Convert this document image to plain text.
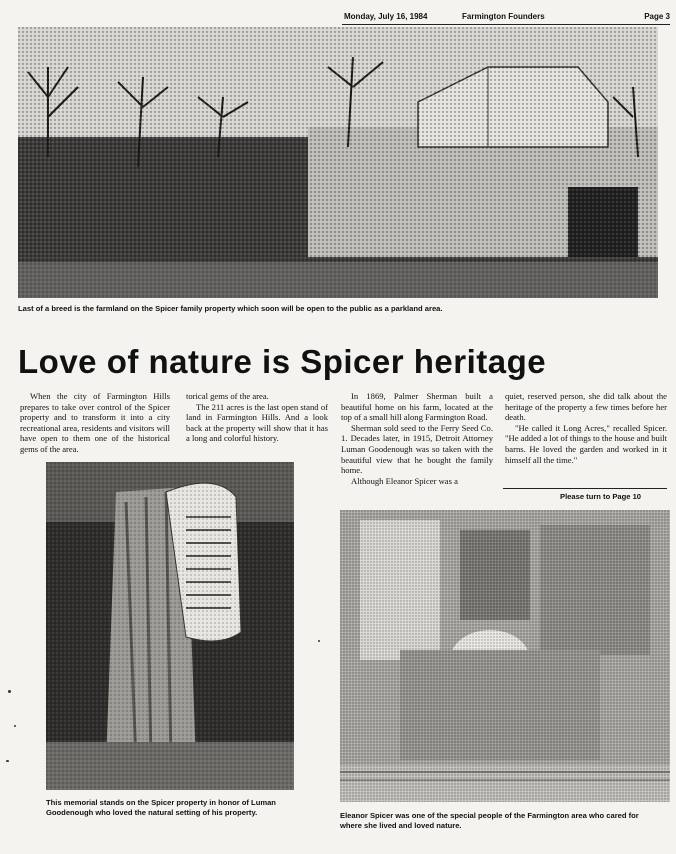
Monday, July 16, 1984	Farmington Founders	Page 3
Last of a breed is the farmland on the Spicer family property which soon will be open to the public as a parkland area.
Love of nature is Spicer heritage

When the city of Farmington Hills prepares to take over control of the Spicer property and to transform it into a city recreational area, residents and visitors will have open to them one of the historical gems of the area.

torical gems of the area.

The 211 acres is the last open stand of land in Farmington Hills. And a look back at the property will show that it has a long and colorful history.

In 1869, Palmer Sherman built a beautiful home on his farm, located at the top of a small hill along Farmington Road.

Sherman sold seed to the Ferry Seed Co. 1. Decades later, in 1915, Detroit Attorney Luman Goodenough was so taken with the beautiful view that he bought the family home.

Although Eleanor Spicer was a

quiet, reserved person, she did talk about the heritage of the property a few times before her death.

"He called it Long Acres," recalled Spicer. "He added a lot of things to the house and built barns. He loved the garden and worked in it himself all the time."

Please turn to Page 10
This memorial stands on the Spicer property in honor of Luman Goodenough who loved the natural setting of his property.	Eleanor Spicer was one of the special people of the Farmington area who cared for where she lived and loved nature.
